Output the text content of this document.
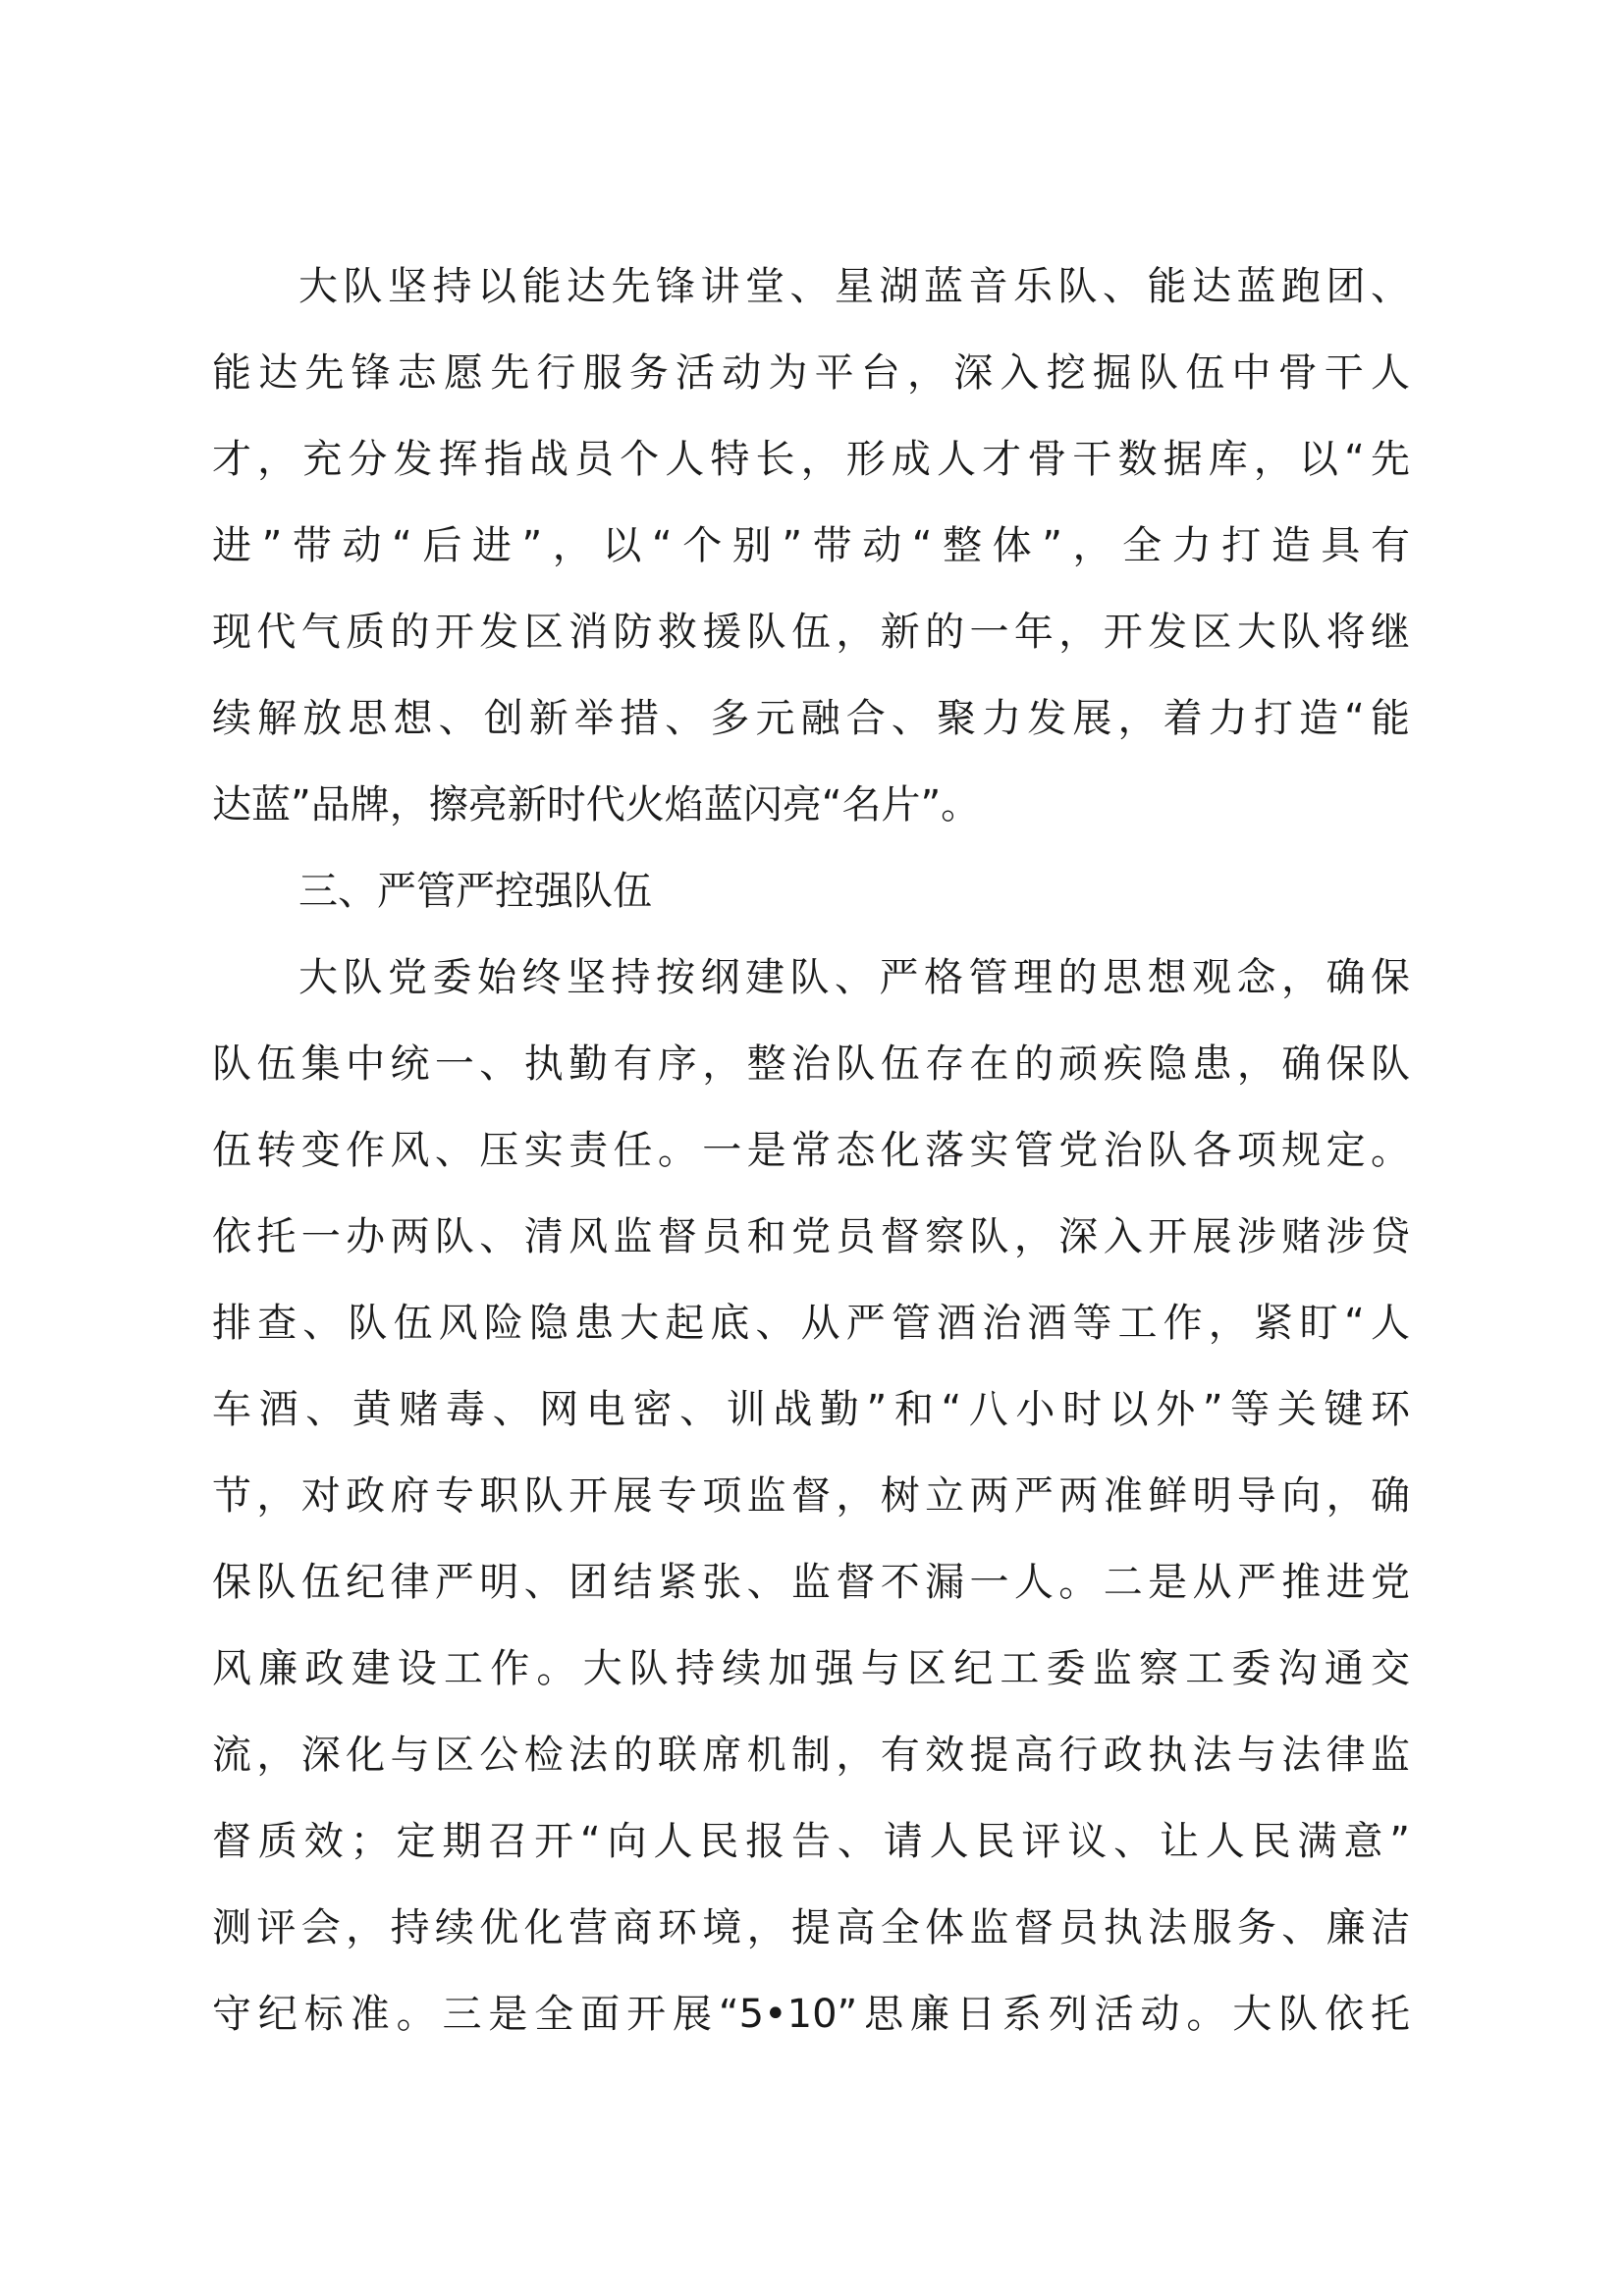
大队坚持以能达先锋讲堂、星湖蓝音乐队、能达蓝跑团、
能达先锋志愿先行服务活动为平台，深入挖掘队伍中骨干人
才，充分发挥指战员个人特长，形成人才骨干数据库，以“先
进”带动“后进”，以“个别”带动“整体”，全力打造具有
现代气质的开发区消防救援队伍，新的一年，开发区大队将继
续解放思想、创新举措、多元融合、聚力发展，着力打造“能
达蓝”品牌，擦亮新时代火焰蓝闪亮“名片”。
三、严管严控强队伍
大队党委始终坚持按纲建队、严格管理的思想观念，确保
队伍集中统一、执勤有序，整治队伍存在的顽疾隐患，确保队
伍转变作风、压实责任。一是常态化落实管党治队各项规定。
依托一办两队、清风监督员和党员督察队，深入开展涉赌涉贷
排查、队伍风险隐患大起底、从严管酒治酒等工作，紧盯“人
车酒、黄赌毒、网电密、训战勤”和“八小时以外”等关键环
节，对政府专职队开展专项监督，树立两严两准鲜明导向，确
保队伍纪律严明、团结紧张、监督不漏一人。二是从严推进党
风廉政建设工作。大队持续加强与区纪工委监察工委沟通交
流，深化与区公检法的联席机制，有效提高行政执法与法律监
督质效；定期召开“向人民报告、请人民评议、让人民满意”
测评会，持续优化营商环境，提高全体监督员执法服务、廉洁
守纪标准。三是全面开展“5•10”思廉日系列活动。大队依托
